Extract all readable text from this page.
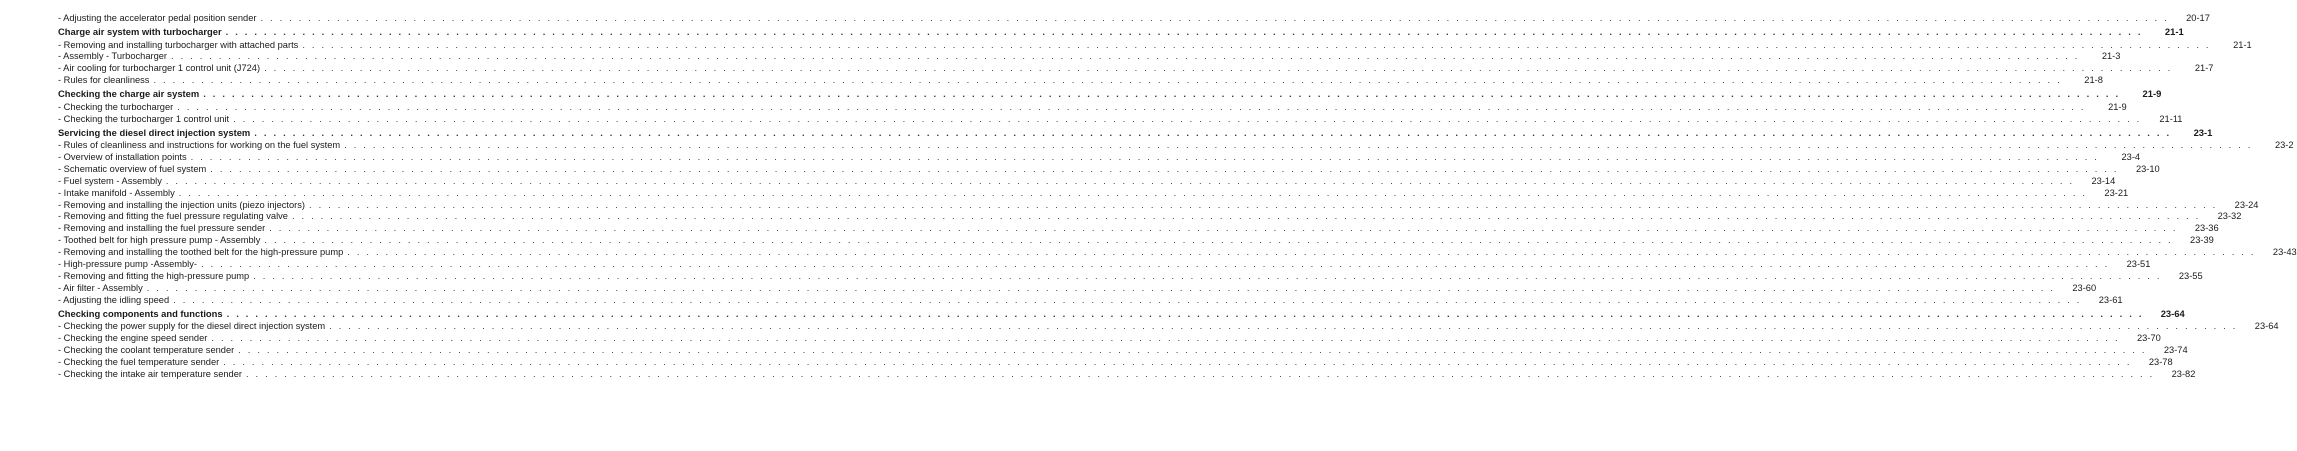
- Adjusting the accelerator pedal position sender . . . . . . . . . . . . . . . . . . . . . . . . . . . . . . . . . . . . . . . . . . . . . . . . . . . . . . . . . . . . . . . . . . . . . . . . . . . . . . . . . . . . . . . . . . . . . . . . . . . . . . . . . . . . . . . . . . . . . . . . . . . . . . . . . . . . . . . . . . . . . . . . . . . . . . . . . . . . . . . . . . . . . . . . . . . . . . . . . . . . . . . . . . . . . . . . . . . . . . . .	20-17
Charge air system with turbocharger . . . . . . . . . . . . . . . . . . . . . . . . . . . . . . . . . . . . . . . . . . . . . . . . . . . . . . . . . . . . . . . . . . . . . . . . . . . . . . . . . . . . . . . . . . . . . . . . . . . . . . . . . . . . . . . . . . . . . . . . . . . . . . . . . . . . . . . . . . . . . . . . . . . . . . . . . . . . . . . . . . . . . . . . . . . . . . . . . . . . . . . . . . . . . . . . . . . . . . . .	21-1
- Removing and installing turbocharger with attached parts . . . . . . . . . . . . . . . . . . . . . . . . . . . . . . . . . . . . . . . . . . . . . . . . . . . . . . . . . . . . . . . . . . . . . . . . . . . . . . . . . . . . . . . . . . . . . . . . . . . . . . . . . . . . . . . . . . . . . . . . . . . . . . . . . . . . . . . . . . . . . . . . . . . . . . . . . . . . . . . . . . . . . . . . . . . . . . . . . . . . . . . . . . . . . . . . . . . . . . . .	21-1
- Assembly - Turbocharger . . . . . . . . . . . . . . . . . . . . . . . . . . . . . . . . . . . . . . . . . . . . . . . . . . . . . . . . . . . . . . . . . . . . . . . . . . . . . . . . . . . . . . . . . . . . . . . . . . . . . . . . . . . . . . . . . . . . . . . . . . . . . . . . . . . . . . . . . . . . . . . . . . . . . . . . . . . . . . . . . . . . . . . . . . . . . . . . . . . . . . . . . . . . . . . . . . . . . . . .	21-3
- Air cooling for turbocharger 1 control unit (J724) . . . . . . . . . . . . . . . . . . . . . . . . . . . . . . . . . . . . . . . . . . . . . . . . . . . . . . . . . . . . . . . . . . . . . . . . . . . . . . . . . . . . . . . . . . . . . . . . . . . . . . . . . . . . . . . . . . . . . . . . . . . . . . . . . . . . . . . . . . . . . . . . . . . . . . . . . . . . . . . . . . . . . . . . . . . . . . . . . . . . . . . . . . . . . . . . . . . . . . . .	21-7
- Rules for cleanliness . . . . . . . . . . . . . . . . . . . . . . . . . . . . . . . . . . . . . . . . . . . . . . . . . . . . . . . . . . . . . . . . . . . . . . . . . . . . . . . . . . . . . . . . . . . . . . . . . . . . . . . . . . . . . . . . . . . . . . . . . . . . . . . . . . . . . . . . . . . . . . . . . . . . . . . . . . . . . . . . . . . . . . . . . . . . . . . . . . . . . . . . . . . . . . . . . . . . . . . .	21-8
Checking the charge air system . . . . . . . . . . . . . . . . . . . . . . . . . . . . . . . . . . . . . . . . . . . . . . . . . . . . . . . . . . . . . . . . . . . . . . . . . . . . . . . . . . . . . . . . . . . . . . . . . . . . . . . . . . . . . . . . . . . . . . . . . . . . . . . . . . . . . . . . . . . . . . . . . . . . . . . . . . . . . . . . . . . . . . . . . . . . . . . . . . . . . . . . . . . . . . . . . . . . . . . .	21-9
- Checking the turbocharger . . . . . . . . . . . . . . . . . . . . . . . . . . . . . . . . . . . . . . . . . . . . . . . . . . . . . . . . . . . . . . . . . . . . . . . . . . . . . . . . . . . . . . . . . . . . . . . . . . . . . . . . . . . . . . . . . . . . . . . . . . . . . . . . . . . . . . . . . . . . . . . . . . . . . . . . . . . . . . . . . . . . . . . . . . . . . . . . . . . . . . . . . . . . . . . . . . . . . . . .	21-9
- Checking the turbocharger 1 control unit . . . . . . . . . . . . . . . . . . . . . . . . . . . . . . . . . . . . . . . . . . . . . . . . . . . . . . . . . . . . . . . . . . . . . . . . . . . . . . . . . . . . . . . . . . . . . . . . . . . . . . . . . . . . . . . . . . . . . . . . . . . . . . . . . . . . . . . . . . . . . . . . . . . . . . . . . . . . . . . . . . . . . . . . . . . . . . . . . . . . . . . . . . . . . . . . . . . . . . . .	21-11
Servicing the diesel direct injection system . . . . . . . . . . . . . . . . . . . . . . . . . . . . . . . . . . . . . . . . . . . . . . . . . . . . . . . . . . . . . . . . . . . . . . . . . . . . . . . . . . . . . . . . . . . . . . . . . . . . . . . . . . . . . . . . . . . . . . . . . . . . . . . . . . . . . . . . . . . . . . . . . . . . . . . . . . . . . . . . . . . . . . . . . . . . . . . . . . . . . . . . . . . . . . . . . . . . . . . .	23-1
- Rules of cleanliness and instructions for working on the fuel system . . . . . . . . . . . . . . . . . . . . . . . . . . . . . . . . . . . . . . . . . . . . . . . . . . . . . . . . . . . . . . . . . . . . . . . . . . . . . . . . . . . . . . . . . . . . . . . . . . . . . . . . . . . . . . . . . . . . . . . . . . . . . . . . . . . . . . . . . . . . . . . . . . . . . . . . . . . . . . . . . . . . . . . . . . . . . . . . . . . . . . . . . . . . . . . . . . . . . . . .	23-2
- Overview of installation points . . . . . . . . . . . . . . . . . . . . . . . . . . . . . . . . . . . . . . . . . . . . . . . . . . . . . . . . . . . . . . . . . . . . . . . . . . . . . . . . . . . . . . . . . . . . . . . . . . . . . . . . . . . . . . . . . . . . . . . . . . . . . . . . . . . . . . . . . . . . . . . . . . . . . . . . . . . . . . . . . . . . . . . . . . . . . . . . . . . . . . . . . . . . . . . . . . . . . . . .	23-4
- Schematic overview of fuel system . . . . . . . . . . . . . . . . . . . . . . . . . . . . . . . . . . . . . . . . . . . . . . . . . . . . . . . . . . . . . . . . . . . . . . . . . . . . . . . . . . . . . . . . . . . . . . . . . . . . . . . . . . . . . . . . . . . . . . . . . . . . . . . . . . . . . . . . . . . . . . . . . . . . . . . . . . . . . . . . . . . . . . . . . . . . . . . . . . . . . . . . . . . . . . . . . . . . . . . .	23-10
- Fuel system - Assembly . . . . . . . . . . . . . . . . . . . . . . . . . . . . . . . . . . . . . . . . . . . . . . . . . . . . . . . . . . . . . . . . . . . . . . . . . . . . . . . . . . . . . . . . . . . . . . . . . . . . . . . . . . . . . . . . . . . . . . . . . . . . . . . . . . . . . . . . . . . . . . . . . . . . . . . . . . . . . . . . . . . . . . . . . . . . . . . . . . . . . . . . . . . . . . . . . . . . . . . .	23-14
- Intake manifold - Assembly . . . . . . . . . . . . . . . . . . . . . . . . . . . . . . . . . . . . . . . . . . . . . . . . . . . . . . . . . . . . . . . . . . . . . . . . . . . . . . . . . . . . . . . . . . . . . . . . . . . . . . . . . . . . . . . . . . . . . . . . . . . . . . . . . . . . . . . . . . . . . . . . . . . . . . . . . . . . . . . . . . . . . . . . . . . . . . . . . . . . . . . . . . . . . . . . . . . . . . . .	23-21
- Removing and installing the injection units (piezo injectors) . . . . . . . . . . . . . . . . . . . . . . . . . . . . . . . . . . . . . . . . . . . . . . . . . . . . . . . . . . . . . . . . . . . . . . . . . . . . . . . . . . . . . . . . . . . . . . . . . . . . . . . . . . . . . . . . . . . . . . . . . . . . . . . . . . . . . . . . . . . . . . . . . . . . . . . . . . . . . . . . . . . . . . . . . . . . . . . . . . . . . . . . . . . . . . . . . . . . . . . .	23-24
- Removing and fitting the fuel pressure regulating valve . . . . . . . . . . . . . . . . . . . . . . . . . . . . . . . . . . . . . . . . . . . . . . . . . . . . . . . . . . . . . . . . . . . . . . . . . . . . . . . . . . . . . . . . . . . . . . . . . . . . . . . . . . . . . . . . . . . . . . . . . . . . . . . . . . . . . . . . . . . . . . . . . . . . . . . . . . . . . . . . . . . . . . . . . . . . . . . . . . . . . . . . . . . . . . . . . . . . . . . .	23-32
- Removing and installing the fuel pressure sender . . . . . . . . . . . . . . . . . . . . . . . . . . . . . . . . . . . . . . . . . . . . . . . . . . . . . . . . . . . . . . . . . . . . . . . . . . . . . . . . . . . . . . . . . . . . . . . . . . . . . . . . . . . . . . . . . . . . . . . . . . . . . . . . . . . . . . . . . . . . . . . . . . . . . . . . . . . . . . . . . . . . . . . . . . . . . . . . . . . . . . . . . . . . . . . . . . . . . . . .	23-36
- Toothed belt for high pressure pump - Assembly . . . . . . . . . . . . . . . . . . . . . . . . . . . . . . . . . . . . . . . . . . . . . . . . . . . . . . . . . . . . . . . . . . . . . . . . . . . . . . . . . . . . . . . . . . . . . . . . . . . . . . . . . . . . . . . . . . . . . . . . . . . . . . . . . . . . . . . . . . . . . . . . . . . . . . . . . . . . . . . . . . . . . . . . . . . . . . . . . . . . . . . . . . . . . . . . . . . . . . . .	23-39
- Removing and installing the toothed belt for the high-pressure pump . . . . . . . . . . . . . . . . . . . . . . . . . . . . . . . . . . . . . . . . . . . . . . . . . . . . . . . . . . . . . . . . . . . . . . . . . . . . . . . . . . . . . . . . . . . . . . . . . . . . . . . . . . . . . . . . . . . . . . . . . . . . . . . . . . . . . . . . . . . . . . . . . . . . . . . . . . . . . . . . . . . . . . . . . . . . . . . . . . . . . . . . . . . . . . . . . . . . . . . .	23-43
- High-pressure pump -Assembly- . . . . . . . . . . . . . . . . . . . . . . . . . . . . . . . . . . . . . . . . . . . . . . . . . . . . . . . . . . . . . . . . . . . . . . . . . . . . . . . . . . . . . . . . . . . . . . . . . . . . . . . . . . . . . . . . . . . . . . . . . . . . . . . . . . . . . . . . . . . . . . . . . . . . . . . . . . . . . . . . . . . . . . . . . . . . . . . . . . . . . . . . . . . . . . . . . . . . . . . .	23-51
- Removing and fitting the high-pressure pump . . . . . . . . . . . . . . . . . . . . . . . . . . . . . . . . . . . . . . . . . . . . . . . . . . . . . . . . . . . . . . . . . . . . . . . . . . . . . . . . . . . . . . . . . . . . . . . . . . . . . . . . . . . . . . . . . . . . . . . . . . . . . . . . . . . . . . . . . . . . . . . . . . . . . . . . . . . . . . . . . . . . . . . . . . . . . . . . . . . . . . . . . . . . . . . . . . . . . . . .	23-55
- Air filter - Assembly . . . . . . . . . . . . . . . . . . . . . . . . . . . . . . . . . . . . . . . . . . . . . . . . . . . . . . . . . . . . . . . . . . . . . . . . . . . . . . . . . . . . . . . . . . . . . . . . . . . . . . . . . . . . . . . . . . . . . . . . . . . . . . . . . . . . . . . . . . . . . . . . . . . . . . . . . . . . . . . . . . . . . . . . . . . . . . . . . . . . . . . . . . . . . . . . . . . . . . . .	23-60
- Adjusting the idling speed . . . . . . . . . . . . . . . . . . . . . . . . . . . . . . . . . . . . . . . . . . . . . . . . . . . . . . . . . . . . . . . . . . . . . . . . . . . . . . . . . . . . . . . . . . . . . . . . . . . . . . . . . . . . . . . . . . . . . . . . . . . . . . . . . . . . . . . . . . . . . . . . . . . . . . . . . . . . . . . . . . . . . . . . . . . . . . . . . . . . . . . . . . . . . . . . . . . . . . . .	23-61
Checking components and functions . . . . . . . . . . . . . . . . . . . . . . . . . . . . . . . . . . . . . . . . . . . . . . . . . . . . . . . . . . . . . . . . . . . . . . . . . . . . . . . . . . . . . . . . . . . . . . . . . . . . . . . . . . . . . . . . . . . . . . . . . . . . . . . . . . . . . . . . . . . . . . . . . . . . . . . . . . . . . . . . . . . . . . . . . . . . . . . . . . . . . . . . . . . . . . . . . . . . . . . .	23-64
- Checking the power supply for the diesel direct injection system . . . . . . . . . . . . . . . . . . . . . . . . . . . . . . . . . . . . . . . . . . . . . . . . . . . . . . . . . . . . . . . . . . . . . . . . . . . . . . . . . . . . . . . . . . . . . . . . . . . . . . . . . . . . . . . . . . . . . . . . . . . . . . . . . . . . . . . . . . . . . . . . . . . . . . . . . . . . . . . . . . . . . . . . . . . . . . . . . . . . . . . . . . . . . . . . . . . . . . . .	23-64
- Checking the engine speed sender . . . . . . . . . . . . . . . . . . . . . . . . . . . . . . . . . . . . . . . . . . . . . . . . . . . . . . . . . . . . . . . . . . . . . . . . . . . . . . . . . . . . . . . . . . . . . . . . . . . . . . . . . . . . . . . . . . . . . . . . . . . . . . . . . . . . . . . . . . . . . . . . . . . . . . . . . . . . . . . . . . . . . . . . . . . . . . . . . . . . . . . . . . . . . . . . . . . . . . . .	23-70
- Checking the coolant temperature sender . . . . . . . . . . . . . . . . . . . . . . . . . . . . . . . . . . . . . . . . . . . . . . . . . . . . . . . . . . . . . . . . . . . . . . . . . . . . . . . . . . . . . . . . . . . . . . . . . . . . . . . . . . . . . . . . . . . . . . . . . . . . . . . . . . . . . . . . . . . . . . . . . . . . . . . . . . . . . . . . . . . . . . . . . . . . . . . . . . . . . . . . . . . . . . . . . . . . . . . .	23-74
- Checking the fuel temperature sender . . . . . . . . . . . . . . . . . . . . . . . . . . . . . . . . . . . . . . . . . . . . . . . . . . . . . . . . . . . . . . . . . . . . . . . . . . . . . . . . . . . . . . . . . . . . . . . . . . . . . . . . . . . . . . . . . . . . . . . . . . . . . . . . . . . . . . . . . . . . . . . . . . . . . . . . . . . . . . . . . . . . . . . . . . . . . . . . . . . . . . . . . . . . . . . . . . . . . . . .	23-78
- Checking the intake air temperature sender . . . . . . . . . . . . . . . . . . . . . . . . . . . . . . . . . . . . . . . . . . . . . . . . . . . . . . . . . . . . . . . . . . . . . . . . . . . . . . . . . . . . . . . . . . . . . . . . . . . . . . . . . . . . . . . . . . . . . . . . . . . . . . . . . . . . . . . . . . . . . . . . . . . . . . . . . . . . . . . . . . . . . . . . . . . . . . . . . . . . . . . . . . . . . . . . . . . . . . . .	23-82
